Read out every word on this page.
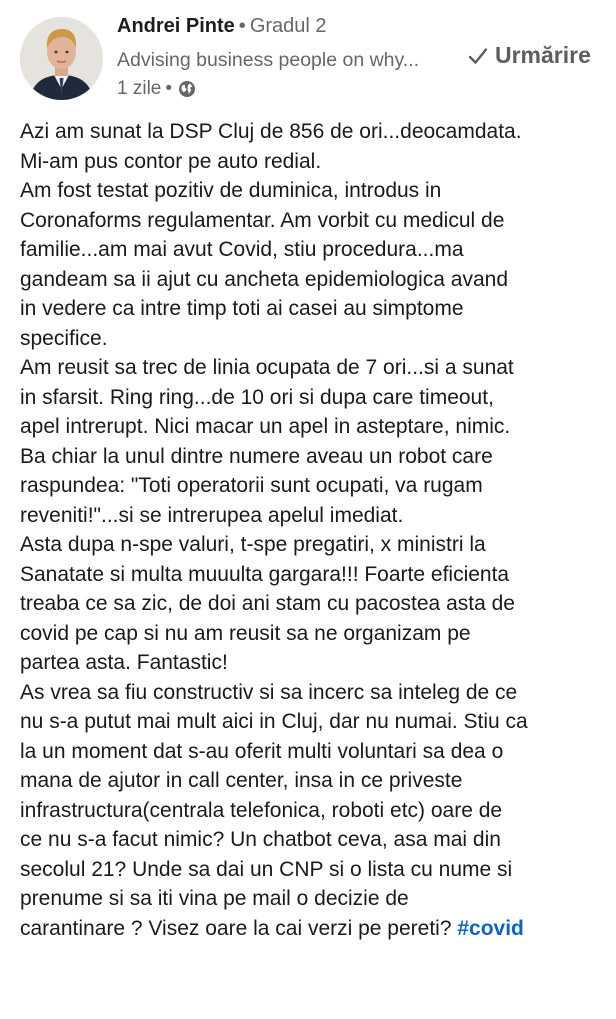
Andrei Pinte • Gradul 2
Advising business people on why...
1 zile •
Urmărire
Azi am sunat la DSP Cluj de 856 de ori...deocamdata.
Mi-am pus contor pe auto redial.
Am fost testat pozitiv de duminica, introdus in
Coronaforms regulamentar. Am vorbit cu medicul de
familie...am mai avut Covid, stiu procedura...ma
gandeam sa ii ajut cu ancheta epidemiologica avand
in vedere ca intre timp toti ai casei au simptome
specifice.
Am reusit sa trec de linia ocupata de 7 ori...si a sunat
in sfarsit. Ring ring...de 10 ori si dupa care timeout,
apel intrerupt. Nici macar un apel in asteptare, nimic.
Ba chiar la unul dintre numere aveau un robot care
raspundea: "Toti operatorii sunt ocupati, va rugam
reveniti!"...si se intrerupea apelul imediat.
Asta dupa n-spe valuri, t-spe pregatiri, x ministri la
Sanatate si multa muuulta gargara!!! Foarte eficienta
treaba ce sa zic, de doi ani stam cu pacostea asta de
covid pe cap si nu am reusit sa ne organizam pe
partea asta. Fantastic!
As vrea sa fiu constructiv si sa incerc sa inteleg de ce
nu s-a putut mai mult aici in Cluj, dar nu numai. Stiu ca
la un moment dat s-au oferit multi voluntari sa dea o
mana de ajutor in call center, insa in ce priveste
infrastructura(centrala telefonica, roboti etc) oare de
ce nu s-a facut nimic? Un chatbot ceva, asa mai din
secolul 21? Unde sa dai un CNP si o lista cu nume si
prenume si sa iti vina pe mail o decizie de
carantinare ? Visez oare la cai verzi pe pereti? #covid
